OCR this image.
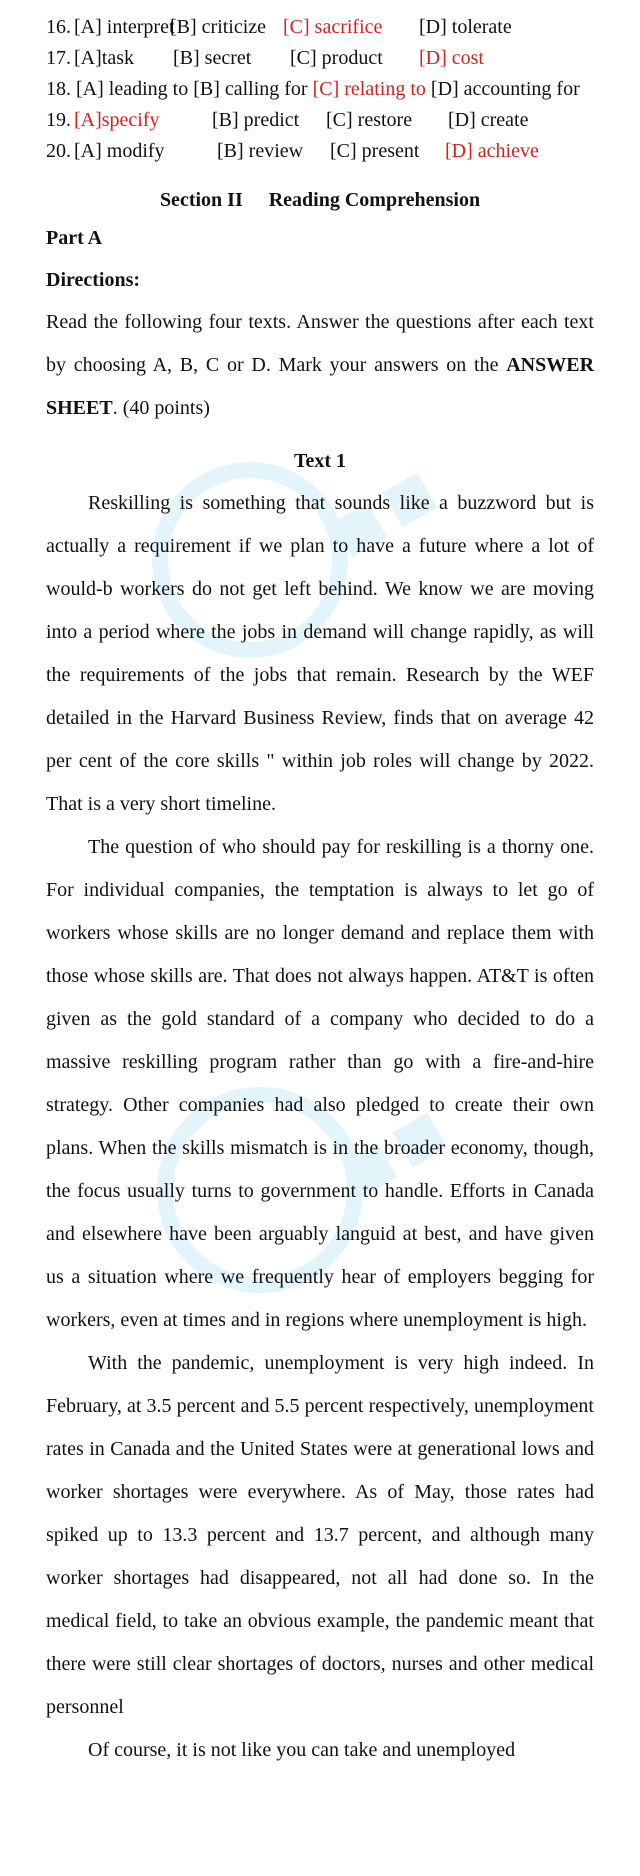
16. [A] interpret
[B] criticize [C] sacrifice [D] tolerate
17. [A]task [B] secret [C] product [D] cost
18. [A] leading to [B] calling for [C] relating to [D] accounting for
19. [A]specify	[B] predict [C] restore [D] create
20. [A] modify	[B] review [C] present [D] achieve
Section II Reading Comprehension
Part A
Directions:

Read the following four texts. Answer the questions after each text by choosing A, B, C or D. Mark your answers on the ANSWER SHEET. (40 points)

Text 1

Reskilling is something that sounds like a buzzword but is actually a requirement if we plan to have a future where a lot of would-b workers do not get left behind. We know we are moving into a period where the jobs in demand will change rapidly, as will the requirements of the jobs that remain. Research by the WEF detailed in the Harvard Business Review, finds that on average 42 per cent of the core skills " within job roles will change by 2022. That is a very short timeline.

The question of who should pay for reskilling is a thorny one. For individual companies, the temptation is always to let go of workers whose skills are no longer demand and replace them with those whose skills are. That does not always happen. AT&T is often given as the gold standard of a company who decided to do a massive reskilling program rather than go with a fire-and-hire strategy. Other companies had also pledged to create their own plans. When the skills mismatch is in the broader economy, though, the focus usually turns to government to handle. Efforts in Canada and elsewhere have been arguably languid at best, and have given us a situation where we frequently hear of employers begging for workers, even at times and in regions where unemployment is high.

With the pandemic, unemployment is very high indeed. In February, at 3.5 percent and 5.5 percent respectively, unemployment rates in Canada and the United States were at generational lows and worker shortages were everywhere. As of May, those rates had spiked up to 13.3 percent and 13.7 percent, and although many worker shortages had disappeared, not all had done so. In the medical field, to take an obvious example, the pandemic meant that there were still clear shortages of doctors, nurses and other medical personnel

Of course, it is not like you can take and unemployed
